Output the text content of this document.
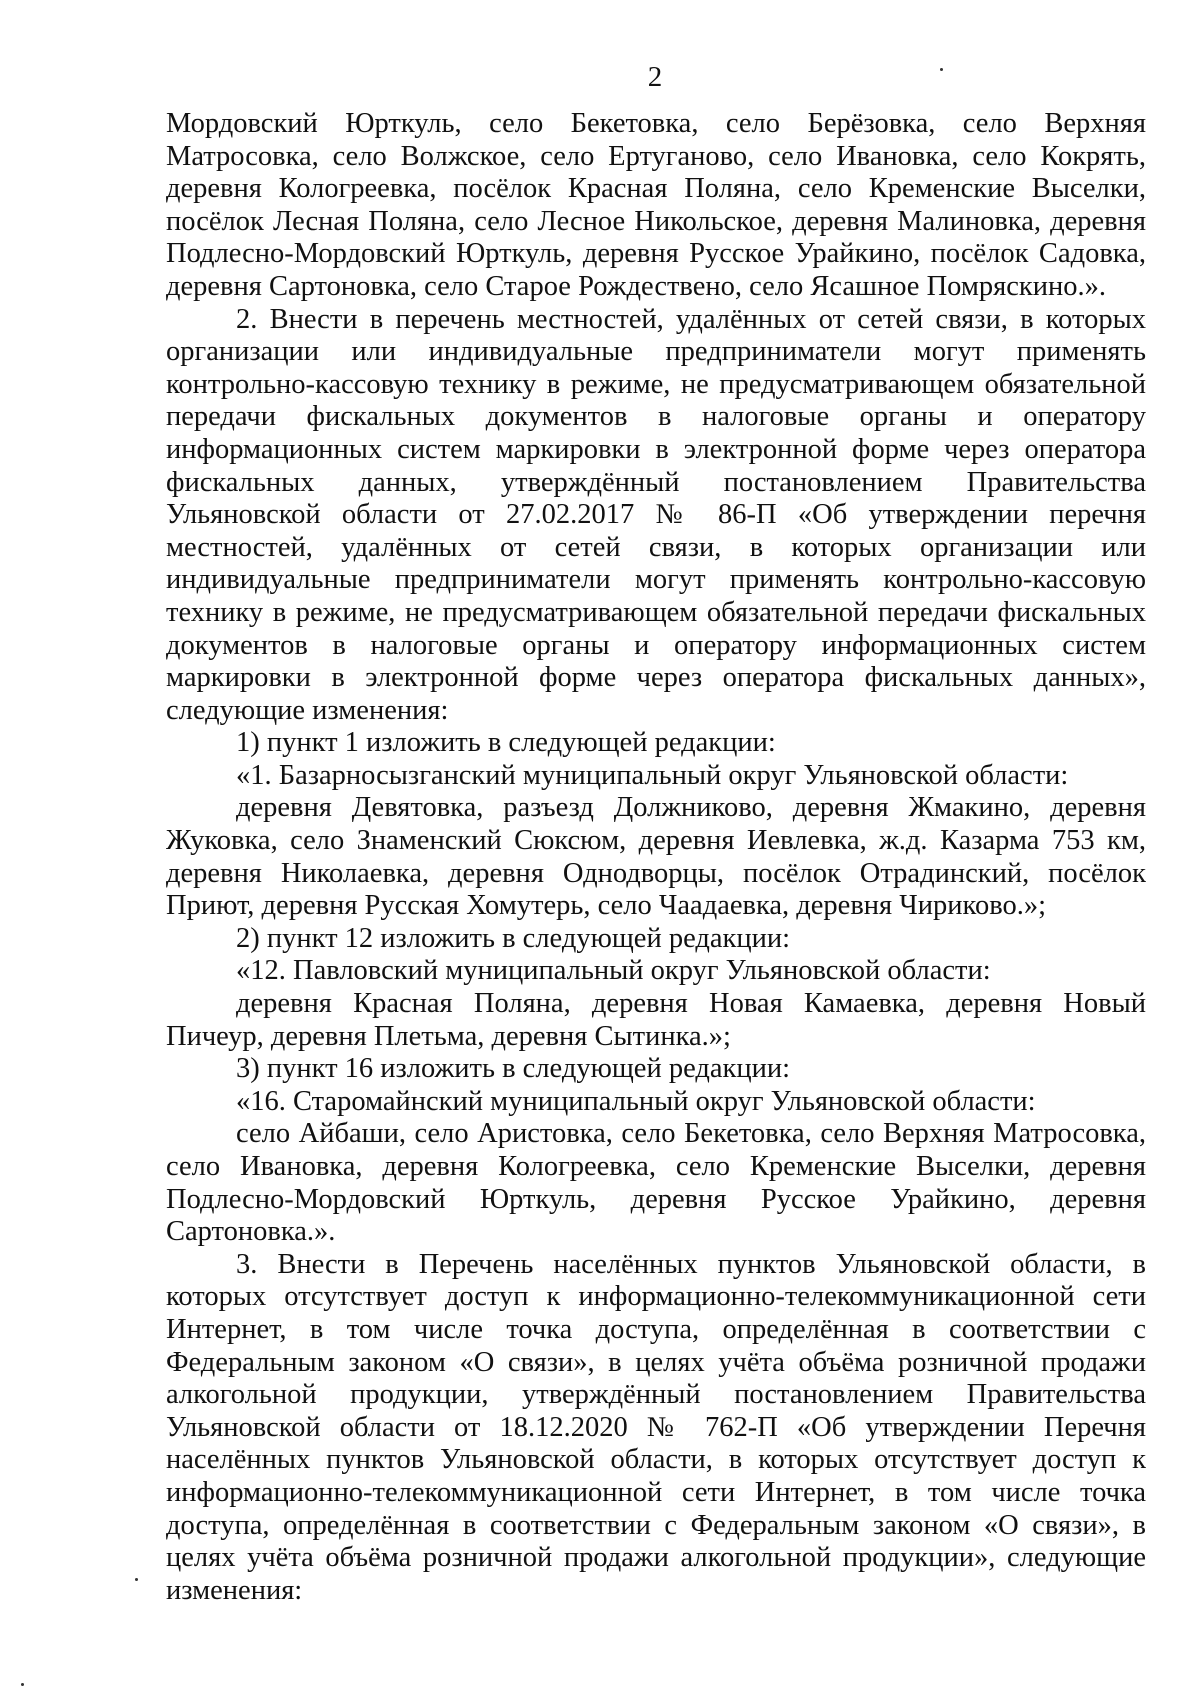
2

Мордовский Юрткуль, село Бекетовка, село Берёзовка, село Верхняя Матросовка, село Волжское, село Ертуганово, село Ивановка, село Кокрять, деревня Кологреевка, посёлок Красная Поляна, село Кременские Выселки, посёлок Лесная Поляна, село Лесное Никольское, деревня Малиновка, деревня Подлесно-Мордовский Юрткуль, деревня Русское Урайкино, посёлок Садовка, деревня Сартоновка, село Старое Рождествено, село Ясашное Помряскино.».

2. Внести в перечень местностей, удалённых от сетей связи, в которых организации или индивидуальные предприниматели могут применять контрольно-кассовую технику в режиме, не предусматривающем обязательной передачи фискальных документов в налоговые органы и оператору информационных систем маркировки в электронной форме через оператора фискальных данных, утверждённый постановлением Правительства Ульяновской области от 27.02.2017 № 86-П «Об утверждении перечня местностей, удалённых от сетей связи, в которых организации или индивидуальные предприниматели могут применять контрольно-кассовую технику в режиме, не предусматривающем обязательной передачи фискальных документов в налоговые органы и оператору информационных систем маркировки в электронной форме через оператора фискальных данных», следующие изменения:

1) пункт 1 изложить в следующей редакции:

«1. Базарносызганский муниципальный округ Ульяновской области:

деревня Девятовка, разъезд Должниково, деревня Жмакино, деревня Жуковка, село Знаменский Сюксюм, деревня Иевлевка, ж.д. Казарма 753 км, деревня Николаевка, деревня Однодворцы, посёлок Отрадинский, посёлок Приют, деревня Русская Хомутерь, село Чаадаевка, деревня Чириково.»;

2) пункт 12 изложить в следующей редакции:

«12. Павловский муниципальный округ Ульяновской области:

деревня Красная Поляна, деревня Новая Камаевка, деревня Новый Пичеур, деревня Плетьма, деревня Сытинка.»;

3) пункт 16 изложить в следующей редакции:

«16. Старомайнский муниципальный округ Ульяновской области:

село Айбаши, село Аристовка, село Бекетовка, село Верхняя Матросовка, село Ивановка, деревня Кологреевка, село Кременские Выселки, деревня Подлесно-Мордовский Юрткуль, деревня Русское Урайкино, деревня Сартоновка.».

3. Внести в Перечень населённых пунктов Ульяновской области, в которых отсутствует доступ к информационно-телекоммуникационной сети Интернет, в том числе точка доступа, определённая в соответствии с Федеральным законом «О связи», в целях учёта объёма розничной продажи алкогольной продукции, утверждённый постановлением Правительства Ульяновской области от 18.12.2020 № 762-П «Об утверждении Перечня населённых пунктов Ульяновской области, в которых отсутствует доступ к информационно-телекоммуникационной сети Интернет, в том числе точка доступа, определённая в соответствии с Федеральным законом «О связи», в целях учёта объёма розничной продажи алкогольной продукции», следующие изменения:
